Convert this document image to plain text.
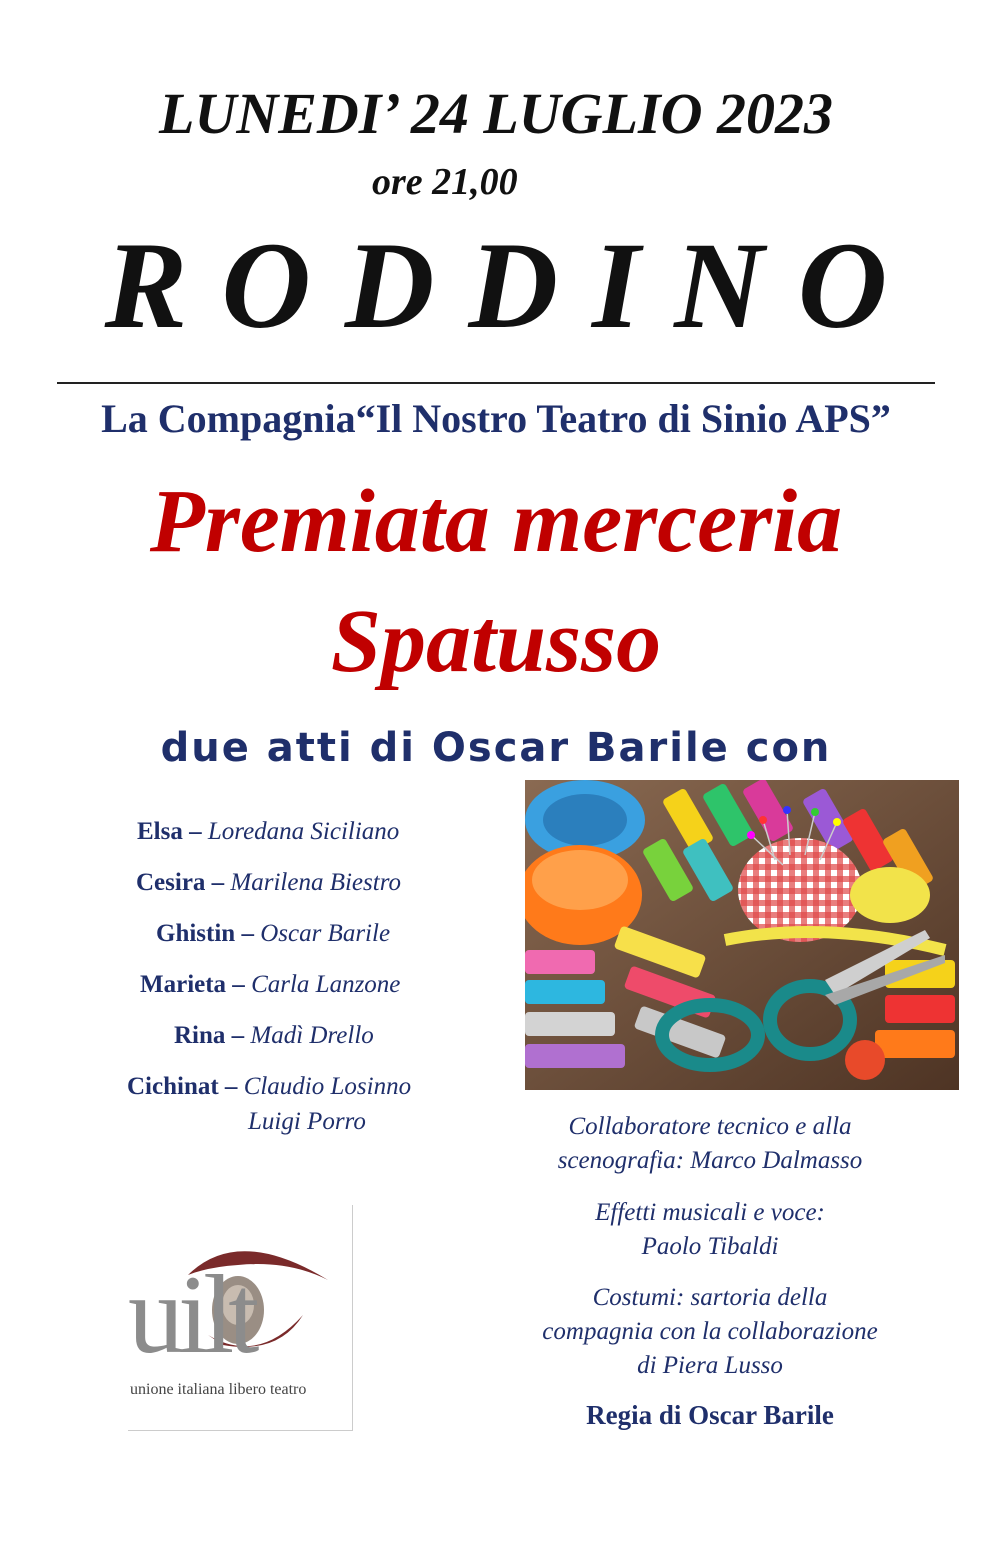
LUNEDI’ 24 LUGLIO 2023
ore 21,00
RODDINO
La Compagnia“Il Nostro Teatro di Sinio APS”
Premiata merceria
Spatusso
due atti di Oscar Barile con
Elsa – Loredana Siciliano
Cesira – Marilena Biestro
Ghistin – Oscar Barile
Marieta – Carla Lanzone
Rina – Madì Drello
Cichinat – Claudio Losinno
Luigi Porro	Collaboratore tecnico e alla
scenografia: Marco Dalmasso
Effetti musicali e voce:
Paolo Tibaldi
Costumi: sartoria della
compagnia con la collaborazione
di Piera Lusso
Regia di Oscar Barile
uilt
unione italiana libero teatro
